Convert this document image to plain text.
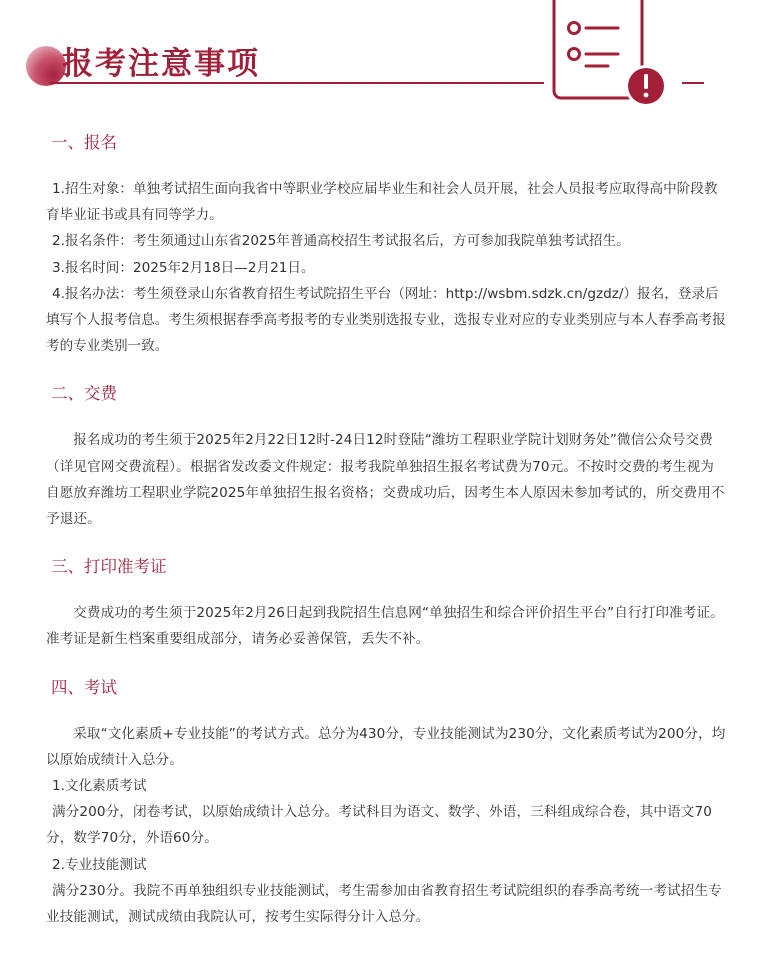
报考注意事项
一、报名

1.招生对象：单独考试招生面向我省中等职业学校应届毕业生和社会人员开展，社会人员报考应取得高中阶段教育毕业证书或具有同等学力。

2.报名条件：考生须通过山东省2025年普通高校招生考试报名后，方可参加我院单独考试招生。

3.报名时间：2025年2月18日—2月21日。

4.报名办法：考生须登录山东省教育招生考试院招生平台（网址：http://wsbm.sdzk.cn/gzdz/）报名，登录后填写个人报考信息。考生须根据春季高考报考的专业类别选报专业，选报专业对应的专业类别应与本人春季高考报考的专业类别一致。

二、交费

报名成功的考生须于2025年2月22日12时-24日12时登陆“潍坊工程职业学院计划财务处”微信公众号交费（详见官网交费流程）。根据省发改委文件规定：报考我院单独招生报名考试费为70元。不按时交费的考生视为自愿放弃潍坊工程职业学院2025年单独招生报名资格；交费成功后，因考生本人原因未参加考试的，所交费用不予退还。

三、打印准考证

交费成功的考生须于2025年2月26日起到我院招生信息网“单独招生和综合评价招生平台”自行打印准考证。准考证是新生档案重要组成部分，请务必妥善保管，丢失不补。

四、考试

采取“文化素质+专业技能”的考试方式。总分为430分，专业技能测试为230分，文化素质考试为200分，均以原始成绩计入总分。

1.文化素质考试

满分200分，闭卷考试，以原始成绩计入总分。考试科目为语文、数学、外语，三科组成综合卷，其中语文70分，数学70分，外语60分。

2.专业技能测试

满分230分。我院不再单独组织专业技能测试，考生需参加由省教育招生考试院组织的春季高考统一考试招生专业技能测试，测试成绩由我院认可，按考生实际得分计入总分。
